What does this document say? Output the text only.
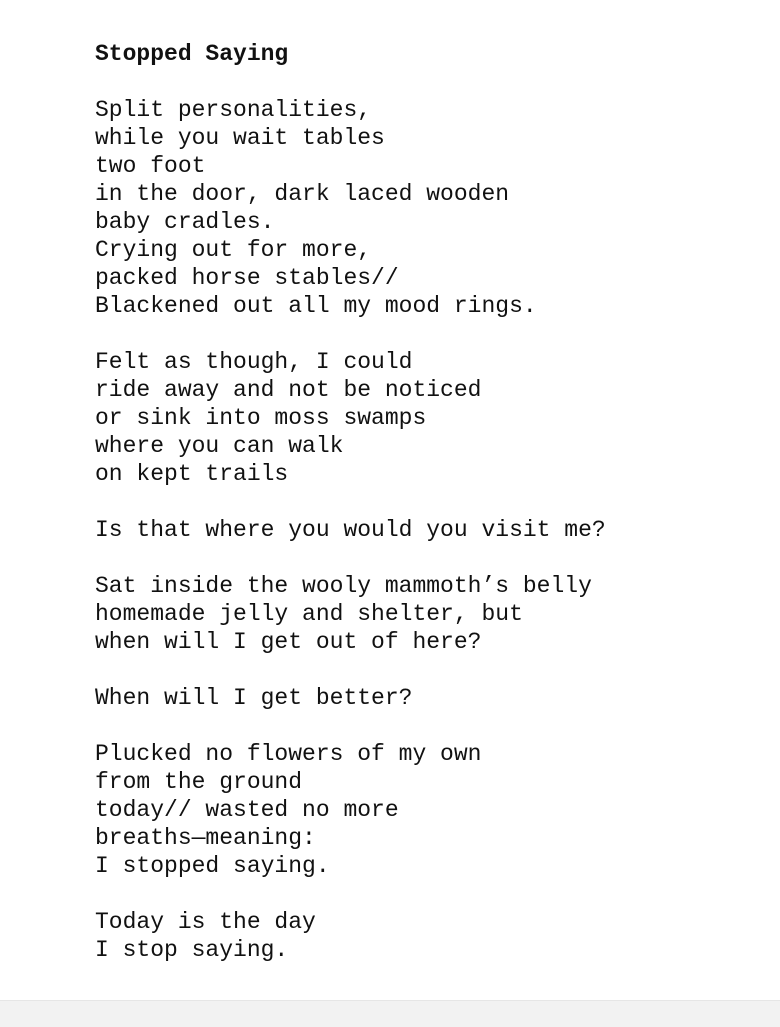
Stopped Saying
Split personalities,
while you wait tables
two foot
in the door, dark laced wooden
baby cradles.
Crying out for more,
packed horse stables//
Blackened out all my mood rings.
Felt as though, I could
ride away and not be noticed
or sink into moss swamps
where you can walk
on kept trails
Is that where you would you visit me?
Sat inside the wooly mammoth’s belly
homemade jelly and shelter, but
when will I get out of here?
When will I get better?
Plucked no flowers of my own
from the ground
today// wasted no more
breaths—meaning:
I stopped saying.
Today is the day
I stop saying.
